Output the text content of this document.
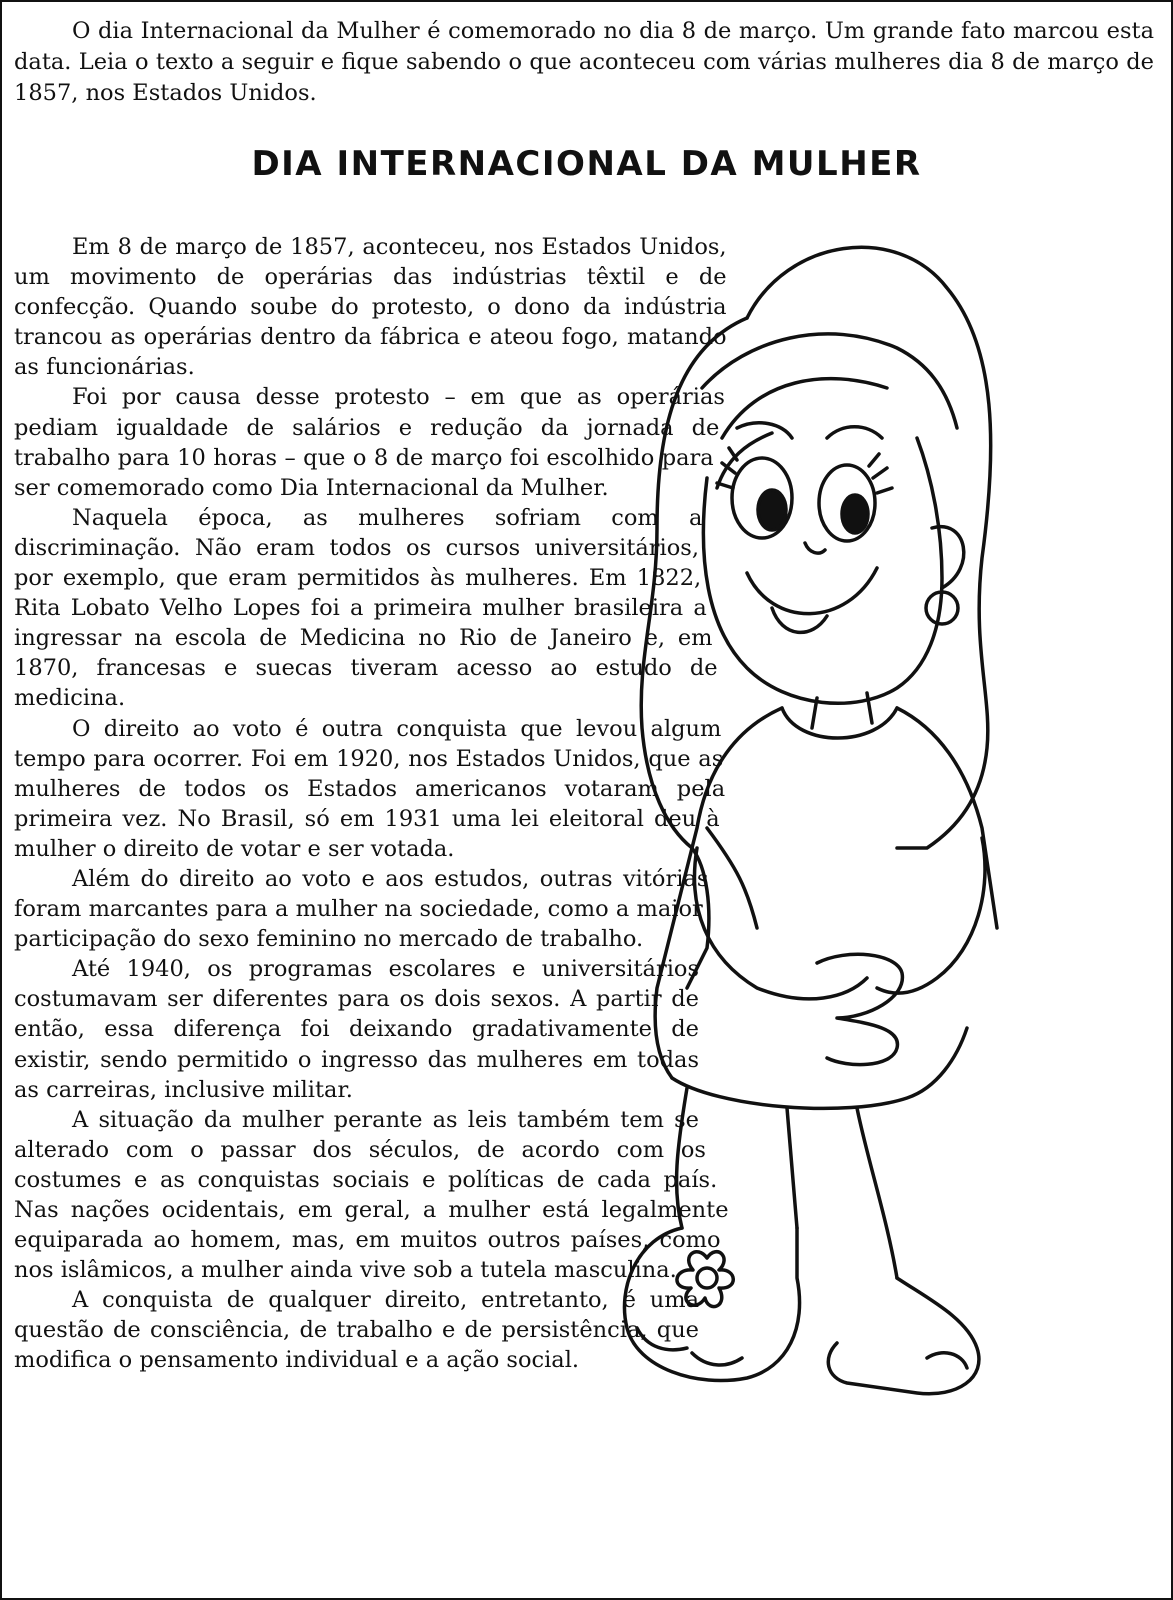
O dia Internacional da Mulher é comemorado no dia 8 de março. Um grande fato marcou esta data. Leia o texto a seguir e fique sabendo o que aconteceu com várias mulheres dia 8 de março de 1857, nos Estados Unidos.

DIA INTERNACIONAL DA MULHER

Em 8 de março de 1857, aconteceu, nos Estados Unidos, um movimento de operárias das indústrias têxtil e de confecção. Quando soube do protesto, o dono da indústria trancou as operárias dentro da fábrica e ateou fogo, matando as funcionárias.

Foi por causa desse protesto – em que as operárias pediam igualdade de salários e redução da jornada de trabalho para 10 horas – que o 8 de março foi escolhido para ser comemorado como Dia Internacional da Mulher.

Naquela época, as mulheres sofriam com a discriminação. Não eram todos os cursos universitários, por exemplo, que eram permitidos às mulheres. Em 1822, Rita Lobato Velho Lopes foi a primeira mulher brasileira a ingressar na escola de Medicina no Rio de Janeiro e, em 1870, francesas e suecas tiveram acesso ao estudo de medicina.

O direito ao voto é outra conquista que levou algum tempo para ocorrer. Foi em 1920, nos Estados Unidos, que as mulheres de todos os Estados americanos votaram pela primeira vez. No Brasil, só em 1931 uma lei eleitoral deu à mulher o direito de votar e ser votada.

Além do direito ao voto e aos estudos, outras vitórias foram marcantes para a mulher na sociedade, como a maior participação do sexo feminino no mercado de trabalho.

Até 1940, os programas escolares e universitários costumavam ser diferentes para os dois sexos. A partir de então, essa diferença foi deixando gradativamente de existir, sendo permitido o ingresso das mulheres em todas as carreiras, inclusive militar.

A situação da mulher perante as leis também tem se alterado com o passar dos séculos, de acordo com os costumes e as conquistas sociais e políticas de cada país. Nas nações ocidentais, em geral, a mulher está legalmente equiparada ao homem, mas, em muitos outros países, como nos islâmicos, a mulher ainda vive sob a tutela masculina.

A conquista de qualquer direito, entretanto, é uma questão de consciência, de trabalho e de persistência, que modifica o pensamento individual e a ação social.
